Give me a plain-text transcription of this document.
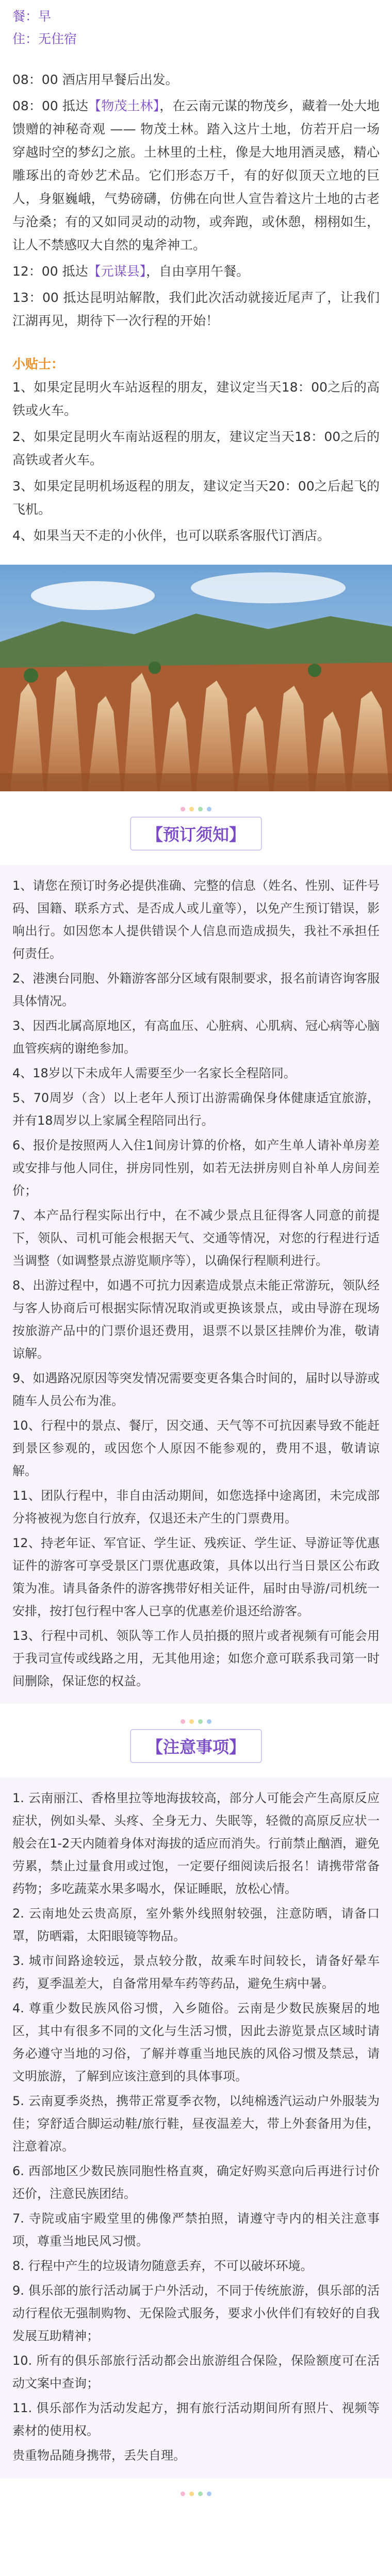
餐：早

住：无住宿

08：00 酒店用早餐后出发。

08：00 抵达【物茂土林】，在云南元谋的物茂乡，藏着一处大地馈赠的神秘奇观 —— 物茂土林。踏入这片土地，仿若开启一场穿越时空的梦幻之旅。土林里的土柱，像是大地用酒灵感，精心雕琢出的奇妙艺术品。它们形态万千，有的好似顶天立地的巨人，身躯巍峨，气势磅礴，仿佛在向世人宣告着这片土地的古老与沧桑；有的又如同灵动的动物，或奔跑，或休憩，栩栩如生，让人不禁感叹大自然的鬼斧神工。

12：00 抵达【元谋县】，自由享用午餐。

13：00 抵达昆明站解散，我们此次活动就接近尾声了，让我们江湖再见，期待下一次行程的开始！

小贴士：

1、如果定昆明火车站返程的朋友，建议定当天18：00之后的高铁或火车。

2、如果定昆明火车南站返程的朋友，建议定当天18：00之后的高铁或者火车。

3、如果定昆明机场返程的朋友，建议定当天20：00之后起飞的飞机。

4、如果当天不走的小伙伴，也可以联系客服代订酒店。

【预订须知】

1、请您在预订时务必提供准确、完整的信息（姓名、性别、证件号码、国籍、联系方式、是否成人或儿童等），以免产生预订错误，影响出行。如因您本人提供错误个人信息而造成损失，我社不承担任何责任。

2、港澳台同胞、外籍游客部分区域有限制要求，报名前请咨询客服具体情况。

3、因西北属高原地区，有高血压、心脏病、心肌病、冠心病等心脑血管疾病的谢绝参加。

4、18岁以下未成年人需要至少一名家长全程陪同。

5、70周岁（含）以上老年人预订出游需确保身体健康适宜旅游，并有18周岁以上家属全程陪同出行。

6、报价是按照两人入住1间房计算的价格，如产生单人请补单房差或安排与他人同住，拼房同性别，如若无法拼房则自补单人房间差价；

7、本产品行程实际出行中，在不减少景点且征得客人同意的前提下，领队、司机可能会根据天气、交通等情况，对您的行程进行适当调整（如调整景点游览顺序等），以确保行程顺利进行。

8、出游过程中，如遇不可抗力因素造成景点未能正常游玩，领队经与客人协商后可根据实际情况取消或更换该景点，或由导游在现场按旅游产品中的门票价退还费用，退票不以景区挂牌价为准，敬请谅解。

9、如遇路况原因等突发情况需要变更各集合时间的，届时以导游或随车人员公布为准。

10、行程中的景点、餐厅，因交通、天气等不可抗因素导致不能赶到景区参观的，或因您个人原因不能参观的，费用不退，敬请谅解。

11、团队行程中，非自由活动期间，如您选择中途离团，未完成部分将被视为您自行放弃，仅退还未产生的门票费用。

12、持老年证、军官证、学生证、残疾证、学生证、导游证等优惠证件的游客可享受景区门票优惠政策，具体以出行当日景区公布政策为准。请具备条件的游客携带好相关证件，届时由导游/司机统一安排，按打包行程中客人已享的优惠差价退还给游客。

13、行程中司机、领队等工作人员拍摄的照片或者视频有可能会用于我司宣传或线路之用，无其他用途；如您介意可联系我司第一时间删除，保证您的权益。

【注意事项】

1. 云南丽江、香格里拉等地海拔较高，部分人可能会产生高原反应症状，例如头晕、头疼、全身无力、失眠等，轻微的高原反应状一般会在1-2天内随着身体对海拔的适应而消失。行前禁止酗酒，避免劳累，禁止过量食用或过饱，一定要仔细阅读后报名！请携带常备药物；多吃蔬菜水果多喝水，保证睡眠，放松心情。

2. 云南地处云贵高原，室外紫外线照射较强，注意防晒，请备口罩，防晒霜，太阳眼镜等物品。

3. 城市间路途较远，景点较分散，故乘车时间较长，请备好晕车药，夏季温差大，自备常用晕车药等药品，避免生病中暑。

4. 尊重少数民族风俗习惯，入乡随俗。云南是少数民族聚居的地区，其中有很多不同的文化与生活习惯，因此去游览景点区域时请务必遵守当地的习俗，了解并尊重当地民族的风俗习惯及禁忌，请文明旅游，了解到应该注意到的具体事项。

5. 云南夏季炎热，携带正常夏季衣物，以纯棉透汽运动户外服装为佳；穿舒适合脚运动鞋/旅行鞋，昼夜温差大，带上外套备用为佳，注意着凉。

6. 西部地区少数民族同胞性格直爽，确定好购买意向后再进行讨价还价，注意民族团结。

7. 寺院或庙宇殿堂里的佛像严禁拍照，请遵守寺内的相关注意事项，尊重当地民风习惯。

8. 行程中产生的垃圾请勿随意丢弃，不可以破坏环境。

9. 俱乐部的旅行活动属于户外活动，不同于传统旅游，俱乐部的活动行程依无强制购物、无保险式服务，要求小伙伴们有较好的自我发展互助精神；

10. 所有的俱乐部旅行活动都会出旅游组合保险，保险额度可在活动文案中查询；

11. 俱乐部作为活动发起方，拥有旅行活动期间所有照片、视频等素材的使用权。

贵重物品随身携带，丢失自理。
